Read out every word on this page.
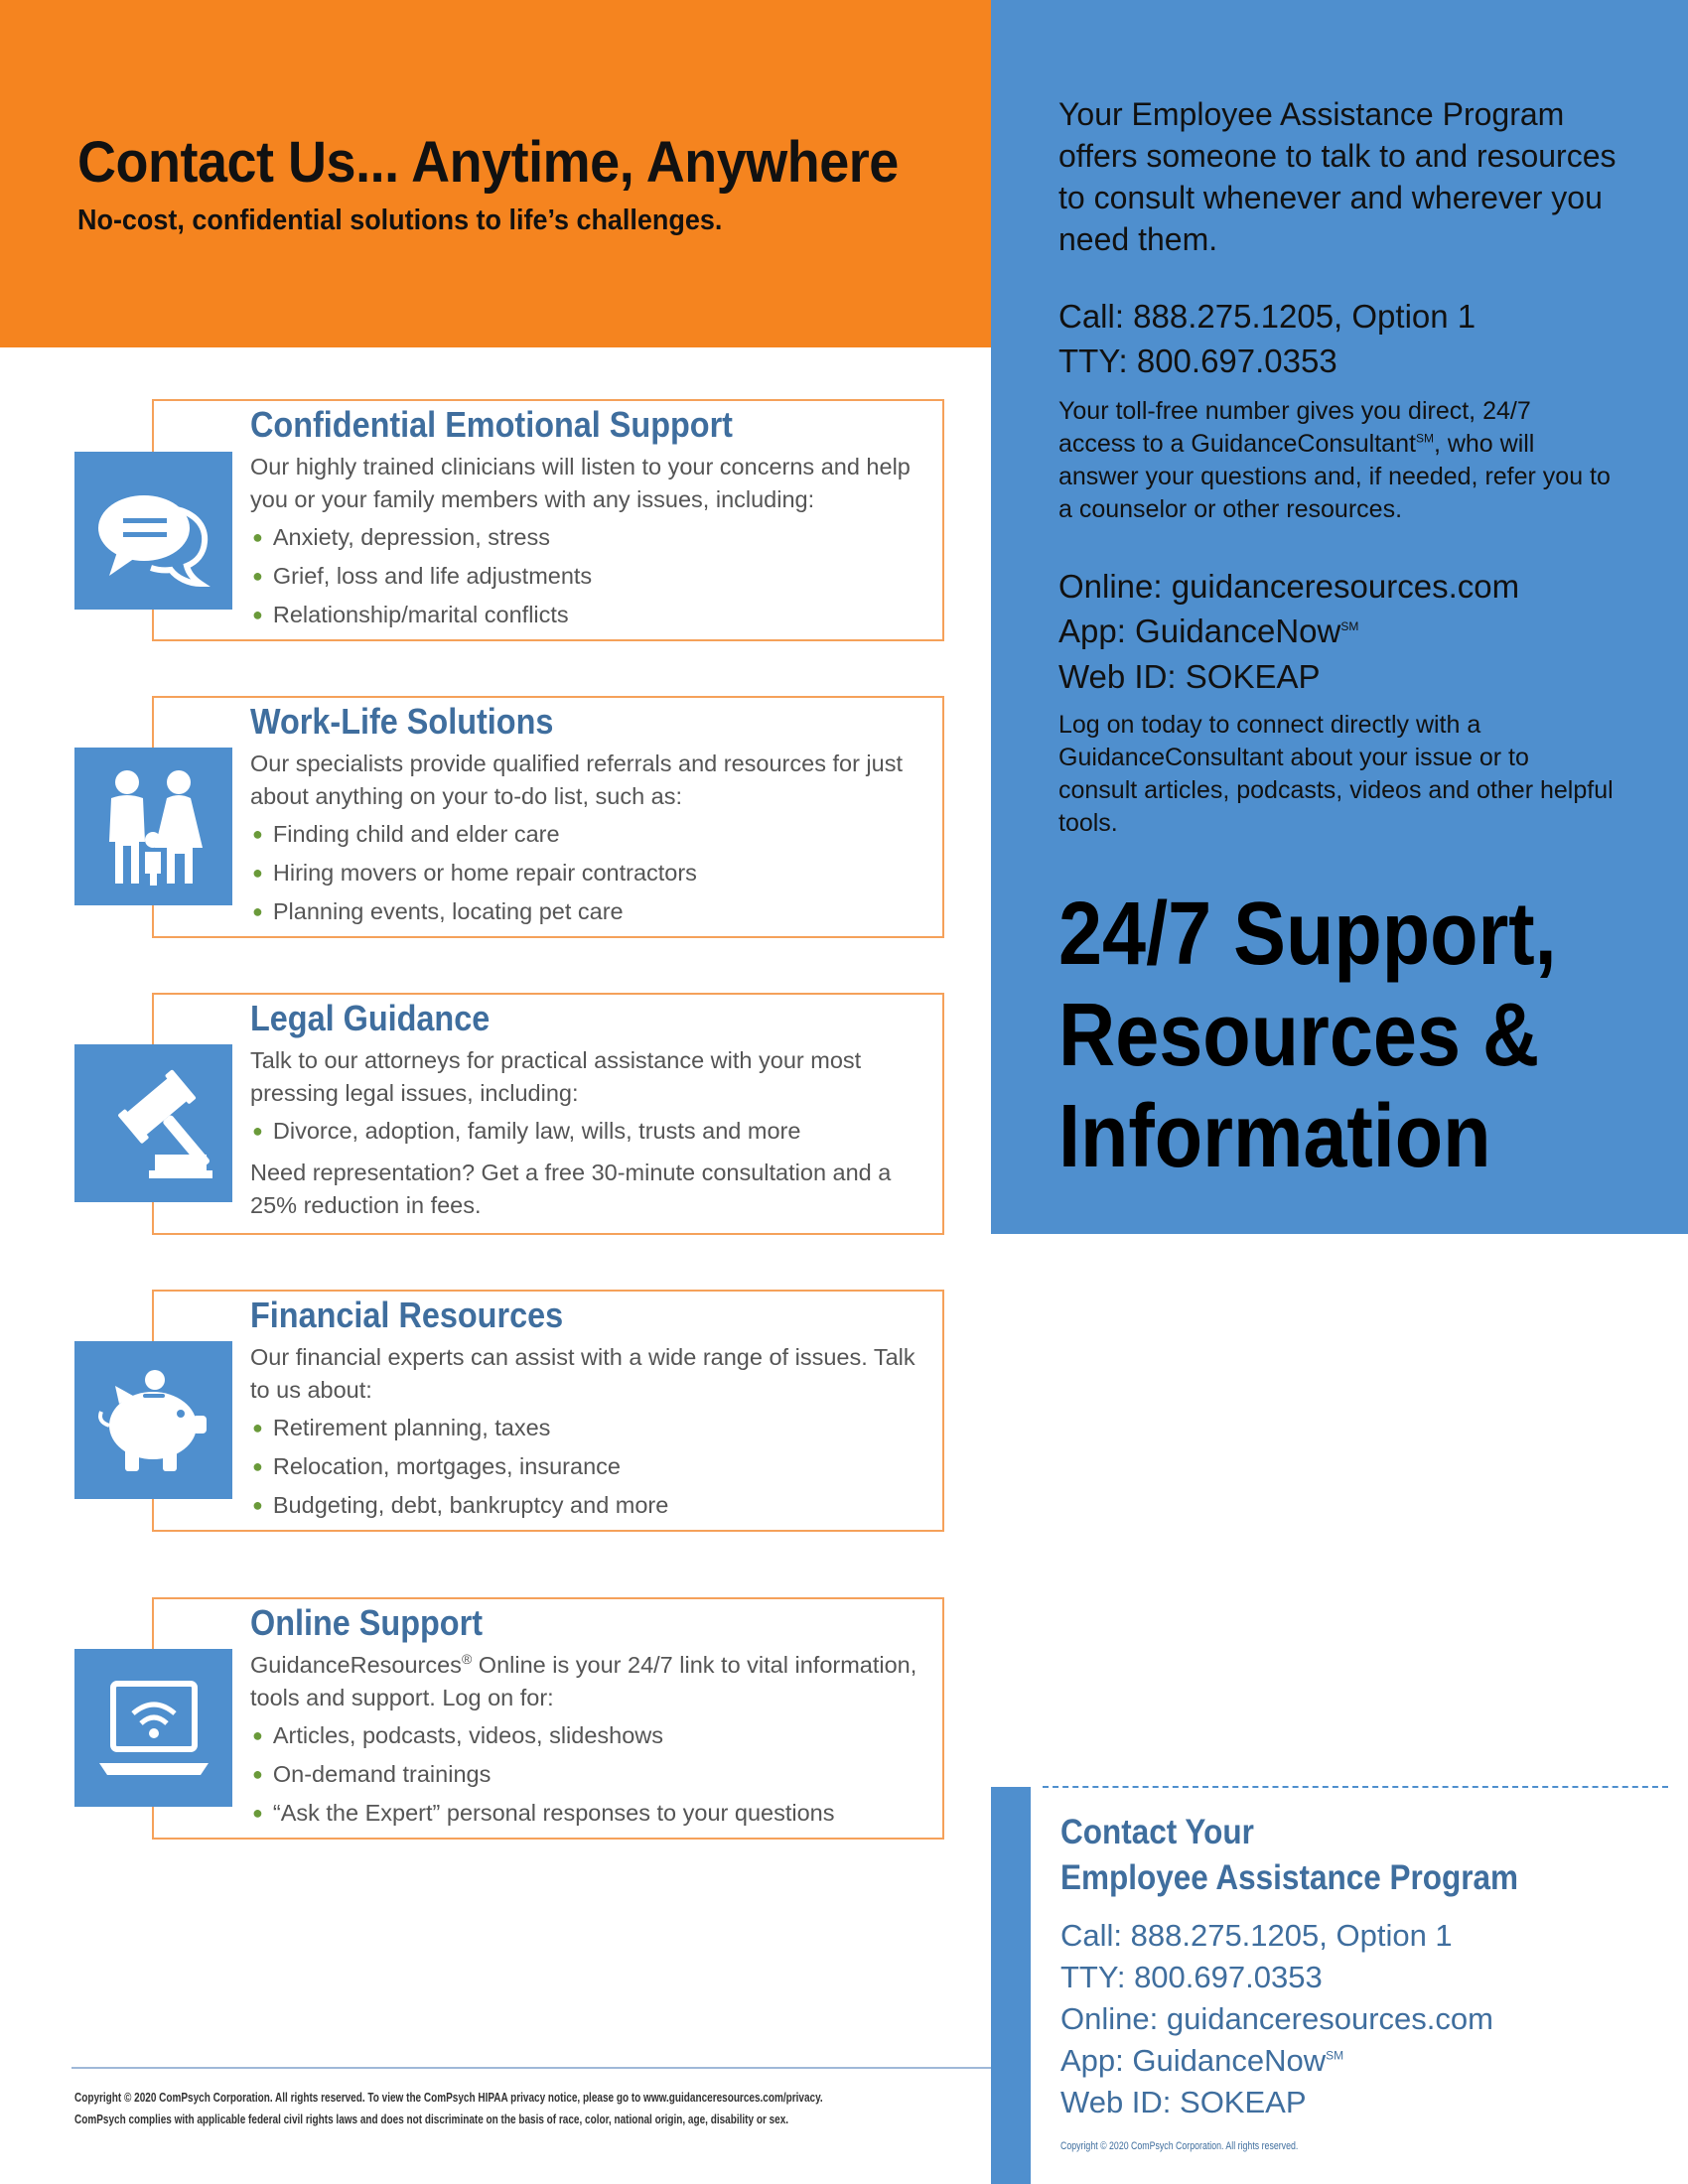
Contact Us... Anytime, Anywhere
No-cost, confidential solutions to life’s challenges.
Your Employee Assistance Program offers someone to talk to and resources to consult whenever and wherever you need them.
Call: 888.275.1205, Option 1
TTY: 800.697.0353
Your toll-free number gives you direct, 24/7 access to a GuidanceConsultant℠, who will answer your questions and, if needed, refer you to a counselor or other resources.
Online: guidanceresources.com
App: GuidanceNow℠
Web ID: SOKEAP
Log on today to connect directly with a GuidanceConsultant about your issue or to consult articles, podcasts, videos and other helpful tools.
24/7 Support,
Resources &
Information
Confidential Emotional Support
Our highly trained clinicians will listen to your concerns and help you or your family members with any issues, including:
● Anxiety, depression, stress
● Grief, loss and life adjustments
● Relationship/marital conflicts
Work-Life Solutions
Our specialists provide qualified referrals and resources for just about anything on your to-do list, such as:
● Finding child and elder care
● Hiring movers or home repair contractors
● Planning events, locating pet care
Legal Guidance
Talk to our attorneys for practical assistance with your most pressing legal issues, including:
● Divorce, adoption, family law, wills, trusts and more
Need representation? Get a free 30-minute consultation and a 25% reduction in fees.
Financial Resources
Our financial experts can assist with a wide range of issues. Talk to us about:
● Retirement planning, taxes
● Relocation, mortgages, insurance
● Budgeting, debt, bankruptcy and more
Online Support
GuidanceResources® Online is your 24/7 link to vital information, tools and support. Log on for:
● Articles, podcasts, videos, slideshows
● On-demand trainings
● “Ask the Expert” personal responses to your questions
Copyright © 2020 ComPsych Corporation. All rights reserved. To view the ComPsych HIPAA privacy notice, please go to www.guidanceresources.com/privacy.
ComPsych complies with applicable federal civil rights laws and does not discriminate on the basis of race, color, national origin, age, disability or sex.
Contact Your
Employee Assistance Program
Call: 888.275.1205, Option 1
TTY: 800.697.0353
Online: guidanceresources.com
App: GuidanceNow℠
Web ID: SOKEAP
Copyright © 2020 ComPsych Corporation. All rights reserved.
